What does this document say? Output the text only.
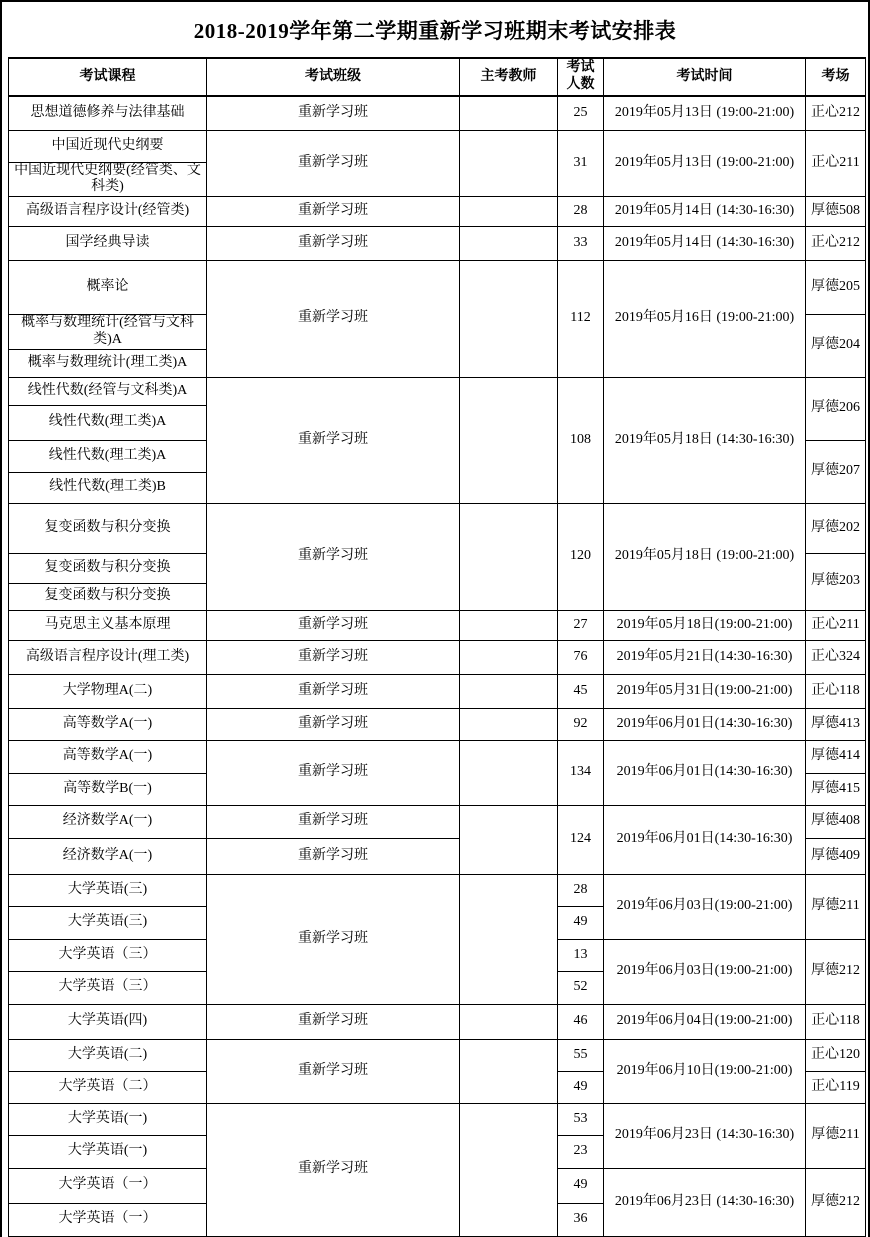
2018-2019学年第二学期重新学习班期末考试安排表
考试课程	考试班级	主考教师	考试人数	考试时间	考场
思想道德修养与法律基础	重新学习班		25	2019年05月13日 (19:00-21:00)	正心212
中国近现代史纲要	重新学习班		31	2019年05月13日 (19:00-21:00)	正心211
中国近现代史纲要(经管类、文科类)					
高级语言程序设计(经管类)	重新学习班		28	2019年05月14日 (14:30-16:30)	厚德508
国学经典导读	重新学习班		33	2019年05月14日 (14:30-16:30)	正心212
概率论	重新学习班		112	2019年05月16日 (19:00-21:00)	厚德205
概率与数理统计(经管与文科类)A					厚德204
概率与数理统计(理工类)A					
线性代数(经管与文科类)A	重新学习班		108	2019年05月18日 (14:30-16:30)	厚德206
线性代数(理工类)A					
线性代数(理工类)A					厚德207
线性代数(理工类)B					
复变函数与积分变换	重新学习班		120	2019年05月18日 (19:00-21:00)	厚德202
复变函数与积分变换					厚德203
复变函数与积分变换					
马克思主义基本原理	重新学习班		27	2019年05月18日(19:00-21:00)	正心211
高级语言程序设计(理工类)	重新学习班		76	2019年05月21日(14:30-16:30)	正心324
大学物理A(二)	重新学习班		45	2019年05月31日(19:00-21:00)	正心118
高等数学A(一)	重新学习班		92	2019年06月01日(14:30-16:30)	厚德413
高等数学A(一)	重新学习班		134	2019年06月01日(14:30-16:30)	厚德414
高等数学B(一)					厚德415
经济数学A(一)	重新学习班		124	2019年06月01日(14:30-16:30)	厚德408
经济数学A(一)	重新学习班				厚德409
大学英语(三)	重新学习班		28	2019年06月03日(19:00-21:00)	厚德211
大学英语(三)			49		
大学英语（三）			13	2019年06月03日(19:00-21:00)	厚德212
大学英语（三）			52		
大学英语(四)	重新学习班		46	2019年06月04日(19:00-21:00)	正心118
大学英语(二)	重新学习班		55	2019年06月10日(19:00-21:00)	正心120
大学英语（二）			49		正心119
大学英语(一)	重新学习班		53	2019年06月23日 (14:30-16:30)	厚德211
大学英语(一)			23		
大学英语（一）			49	2019年06月23日 (14:30-16:30)	厚德212
大学英语（一）			36		
